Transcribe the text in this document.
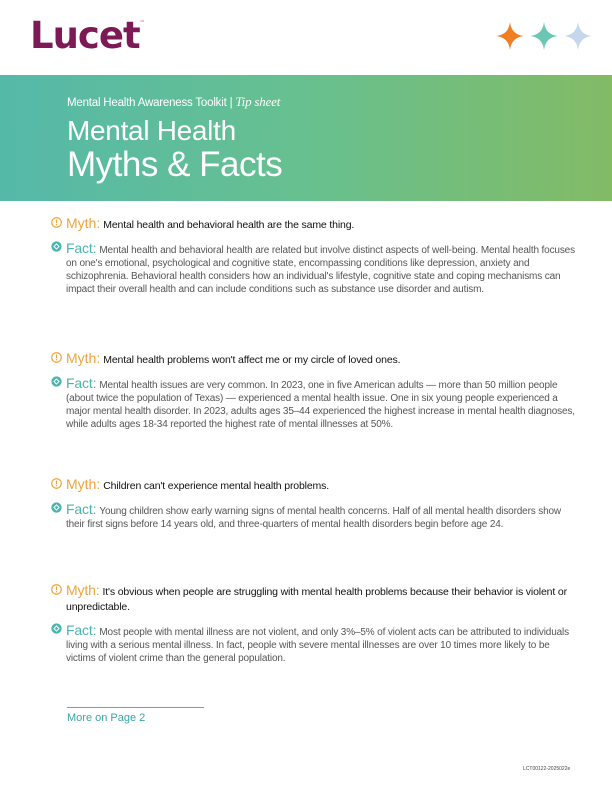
Lucet™
Mental Health Awareness Toolkit | Tip sheet
Mental Health
Myths & Facts
Myth: Mental health and behavioral health are the same thing.
Fact: Mental health and behavioral health are related but involve distinct aspects of well-being. Mental health focuses on one's emotional, psychological and cognitive state, encompassing conditions like depression, anxiety and schizophrenia. Behavioral health considers how an individual's lifestyle, cognitive state and coping mechanisms can impact their overall health and can include conditions such as substance use disorder and autism.
Myth: Mental health problems won't affect me or my circle of loved ones.
Fact: Mental health issues are very common. In 2023, one in five American adults — more than 50 million people (about twice the population of Texas) — experienced a mental health issue. One in six young people experienced a major mental health disorder. In 2023, adults ages 35–44 experienced the highest increase in mental health diagnoses, while adults ages 18-34 reported the highest rate of mental illnesses at 50%.
Myth: Children can't experience mental health problems.
Fact: Young children show early warning signs of mental health concerns. Half of all mental health disorders show their first signs before 14 years old, and three-quarters of mental health disorders begin before age 24.
Myth: It's obvious when people are struggling with mental health problems because their behavior is violent or unpredictable.
Fact: Most people with mental illness are not violent, and only 3%–5% of violent acts can be attributed to individuals living with a serious mental illness. In fact, people with severe mental illnesses are over 10 times more likely to be victims of violent crime than the general population.
More on Page 2
LCT00122-2025022e
